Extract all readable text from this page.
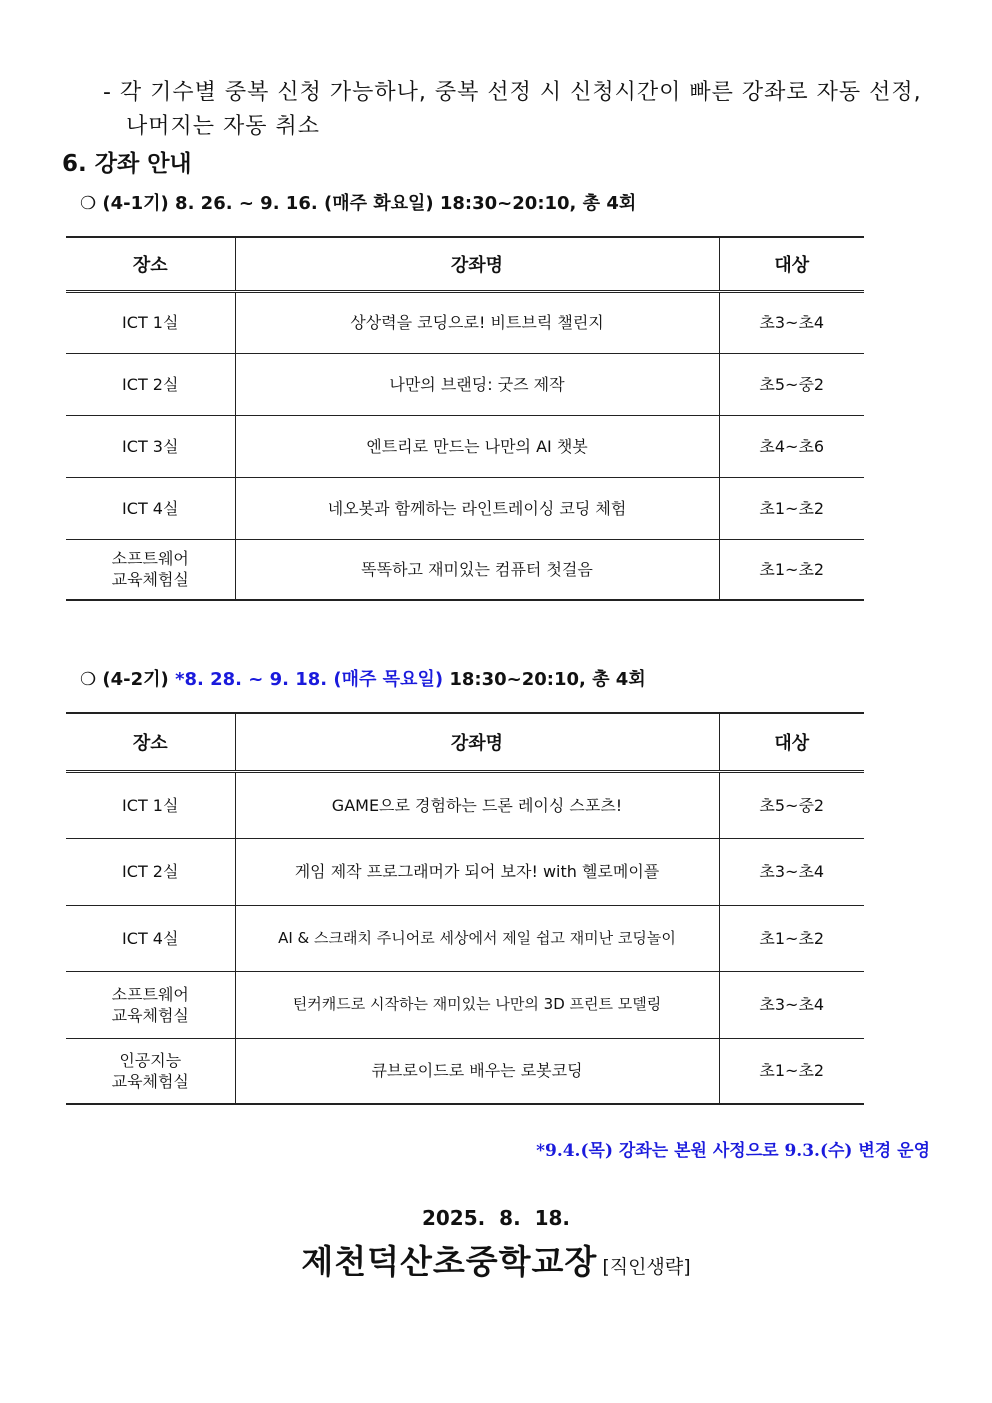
- 각 기수별 중복 신청 가능하나, 중복 선정 시 신청시간이 빠른 강좌로 자동 선정,
나머지는 자동 취소
6. 강좌 안내
❍ (4-1기) 8. 26. ~ 9. 16. (매주 화요일) 18:30~20:10, 총 4회
장소	강좌명	대상
ICT 1실	상상력을 코딩으로! 비트브릭 챌린지	초3~초4
ICT 2실	나만의 브랜딩: 굿즈 제작	초5~중2
ICT 3실	엔트리로 만드는 나만의 AI 챗봇	초4~초6
ICT 4실	네오봇과 함께하는 라인트레이싱 코딩 체험	초1~초2

소프트웨어
교육체험실	똑똑하고 재미있는 컴퓨터 첫걸음	초1~초2
❍ (4-2기) *8. 28. ~ 9. 18. (매주 목요일) 18:30~20:10, 총 4회
장소	강좌명	대상
ICT 1실	GAME으로 경험하는 드론 레이싱 스포츠!	초5~중2
ICT 2실	게임 제작 프로그래머가 되어 보자! with 헬로메이플	초3~초4
ICT 4실	AI & 스크래치 주니어로 세상에서 제일 쉽고 재미난 코딩놀이	초1~초2

소프트웨어
교육체험실	틴커캐드로 시작하는 재미있는 나만의 3D 프린트 모델링	초3~초4

인공지능
교육체험실	큐브로이드로 배우는 로봇코딩	초1~초2
*9.4.(목) 강좌는 본원 사정으로 9.3.(수) 변경 운영
2025.  8.  18.
제천덕산초중학교장 [직인생략]
